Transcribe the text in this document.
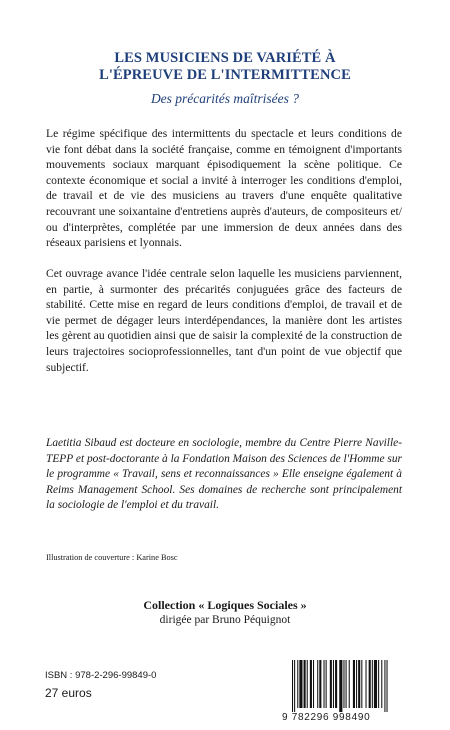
LES MUSICIENS DE VARIÉTÉ À
L'ÉPREUVE DE L'INTERMITTENCE
Des précarités maîtrisées ?

Le régime spécifique des intermittents du spectacle et leurs conditions de vie font débat dans la société française, comme en témoignent d'importants mouvements sociaux marquant épisodiquement la scène politique. Ce contexte économique et social a invité à interroger les conditions d'emploi, de travail et de vie des musiciens au travers d'une enquête qualitative recouvrant une soixantaine d'entretiens auprès d'auteurs, de compositeurs et/ ou d'interprètes, complétée par une immersion de deux années dans des réseaux parisiens et lyonnais.

Cet ouvrage avance l'idée centrale selon laquelle les musiciens parviennent, en partie, à surmonter des précarités conjuguées grâce des facteurs de stabilité. Cette mise en regard de leurs conditions d'emploi, de travail et de vie permet de dégager leurs interdépendances, la manière dont les artistes les gèrent au quotidien ainsi que de saisir la complexité de la construction de leurs trajectoires socioprofessionnelles, tant d'un point de vue objectif que subjectif.

Laetitia Sibaud est docteure en sociologie, membre du Centre Pierre Naville-TEPP et post-doctorante à la Fondation Maison des Sciences de l'Homme sur le programme « Travail, sens et reconnaissances » Elle enseigne également à Reims Management School. Ses domaines de recherche sont principalement la sociologie de l'emploi et du travail.

Illustration de couverture : Karine Bosc
Collection « Logiques Sociales »
dirigée par Bruno Péquignot
ISBN : 978-2-296-99849-0
27 euros
9 782296 998490
